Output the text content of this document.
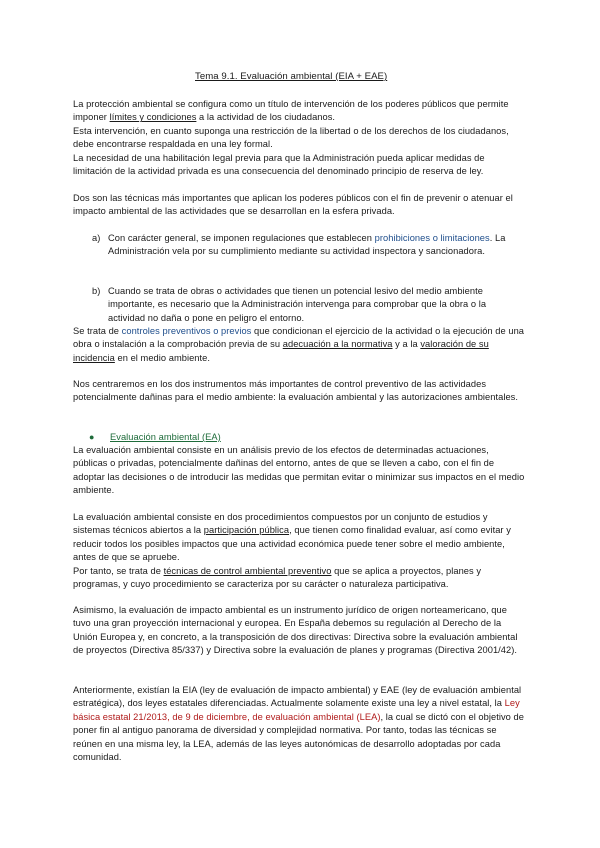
Tema 9.1. Evaluación ambiental (EIA + EAE)

La protección ambiental se configura como un título de intervención de los poderes públicos que permite imponer límites y condiciones a la actividad de los ciudadanos.

Esta intervención, en cuanto suponga una restricción de la libertad o de los derechos de los ciudadanos, debe encontrarse respaldada en una ley formal.

La necesidad de una habilitación legal previa para que la Administración pueda aplicar medidas de limitación de la actividad privada es una consecuencia del denominado principio de reserva de ley.

Dos son las técnicas más importantes que aplican los poderes públicos con el fin de prevenir o atenuar el impacto ambiental de las actividades que se desarrollan en la esfera privada.

a) Con carácter general, se imponen regulaciones que establecen prohibiciones o limitaciones. La Administración vela por su cumplimiento mediante su actividad inspectora y sancionadora.

b) Cuando se trata de obras o actividades que tienen un potencial lesivo del medio ambiente importante, es necesario que la Administración intervenga para comprobar que la obra o la actividad no daña o pone en peligro el entorno.

Se trata de controles preventivos o previos que condicionan el ejercicio de la actividad o la ejecución de una obra o instalación a la comprobación previa de su adecuación a la normativa y a la valoración de su incidencia en el medio ambiente.

Nos centraremos en los dos instrumentos más importantes de control preventivo de las actividades potencialmente dañinas para el medio ambiente: la evaluación ambiental y las autorizaciones ambientales.

● Evaluación ambiental (EA)

La evaluación ambiental consiste en un análisis previo de los efectos de determinadas actuaciones, públicas o privadas, potencialmente dañinas del entorno, antes de que se lleven a cabo, con el fin de adoptar las decisiones o de introducir las medidas que permitan evitar o minimizar sus impactos en el medio ambiente.

La evaluación ambiental consiste en dos procedimientos compuestos por un conjunto de estudios y sistemas técnicos abiertos a la participación pública, que tienen como finalidad evaluar, así como evitar y reducir todos los posibles impactos que una actividad económica puede tener sobre el medio ambiente, antes de que se apruebe.

Por tanto, se trata de técnicas de control ambiental preventivo que se aplica a proyectos, planes y programas, y cuyo procedimiento se caracteriza por su carácter o naturaleza participativa.

Asimismo, la evaluación de impacto ambiental es un instrumento jurídico de origen norteamericano, que tuvo una gran proyección internacional y europea. En España debemos su regulación al Derecho de la Unión Europea y, en concreto, a la transposición de dos directivas: Directiva sobre la evaluación ambiental de proyectos (Directiva 85/337) y Directiva sobre la evaluación de planes y programas (Directiva 2001/42).

Anteriormente, existían la EIA (ley de evaluación de impacto ambiental) y EAE (ley de evaluación ambiental estratégica), dos leyes estatales diferenciadas. Actualmente solamente existe una ley a nivel estatal, la Ley básica estatal 21/2013, de 9 de diciembre, de evaluación ambiental (LEA), la cual se dictó con el objetivo de poner fin al antiguo panorama de diversidad y complejidad normativa. Por tanto, todas las técnicas se reúnen en una misma ley, la LEA, además de las leyes autonómicas de desarrollo adoptadas por cada comunidad.
